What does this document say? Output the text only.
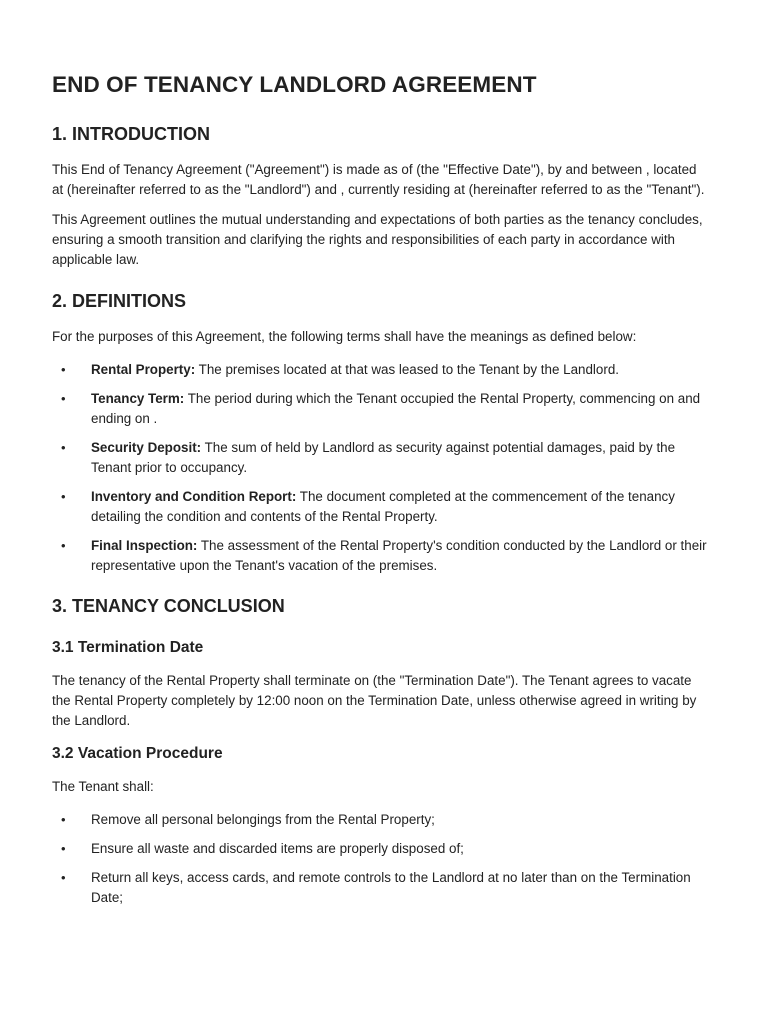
END OF TENANCY LANDLORD AGREEMENT
1. INTRODUCTION

This End of Tenancy Agreement ("Agreement") is made as of (the "Effective Date"), by and between , located at (hereinafter referred to as the "Landlord") and , currently residing at (hereinafter referred to as the "Tenant").

This Agreement outlines the mutual understanding and expectations of both parties as the tenancy concludes, ensuring a smooth transition and clarifying the rights and responsibilities of each party in accordance with applicable law.

2. DEFINITIONS

For the purposes of this Agreement, the following terms shall have the meanings as defined below:

• Rental Property: The premises located at that was leased to the Tenant by the Landlord.
• Tenancy Term: The period during which the Tenant occupied the Rental Property, commencing on and ending on .
• Security Deposit: The sum of held by Landlord as security against potential damages, paid by the Tenant prior to occupancy.
• Inventory and Condition Report: The document completed at the commencement of the tenancy detailing the condition and contents of the Rental Property.
• Final Inspection: The assessment of the Rental Property's condition conducted by the Landlord or their representative upon the Tenant's vacation of the premises.
3. TENANCY CONCLUSION
3.1 Termination Date

The tenancy of the Rental Property shall terminate on (the "Termination Date"). The Tenant agrees to vacate the Rental Property completely by 12:00 noon on the Termination Date, unless otherwise agreed in writing by the Landlord.

3.2 Vacation Procedure

The Tenant shall:

• Remove all personal belongings from the Rental Property;
• Ensure all waste and discarded items are properly disposed of;
• Return all keys, access cards, and remote controls to the Landlord at no later than on the Termination Date;
